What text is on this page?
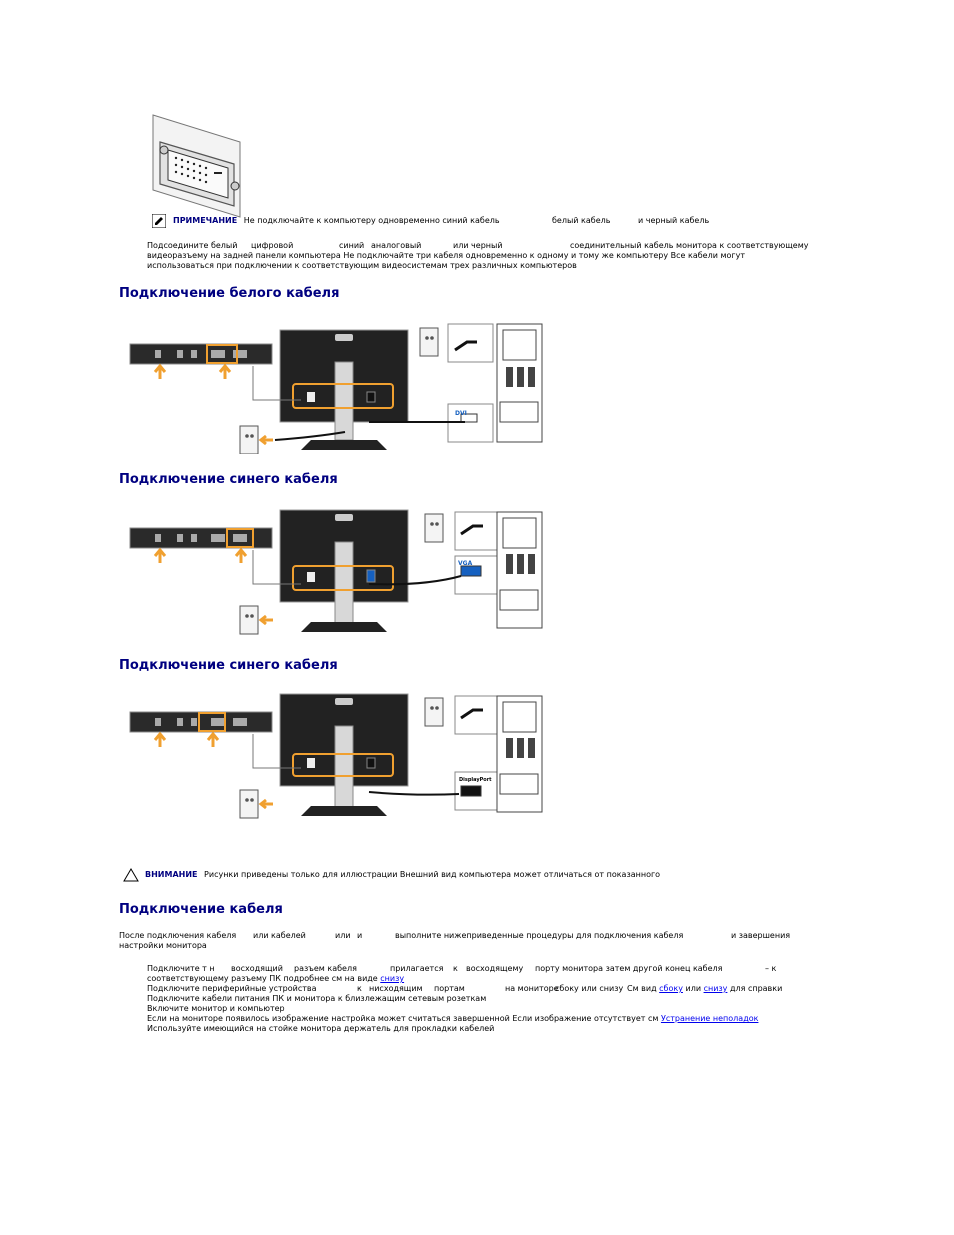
ПРИМЕЧАНИЕ Не подключайте к компьютеру одновременно синий кабель	белый кабель	и черный кабель
Подсоедините белый цифровой	синий аналоговый	или черный	соединительный кабель монитора к соответствующему
видеоразъему на задней панели компьютера Не подключайте три кабеля одновременно к одному и тому же компьютеру Все кабели могут
использоваться при подключении к соответствующим видеосистемам трех различных компьютеров
Подключение белого кабеля
Подключение синего кабеля
Подключение синего кабеля
DVI
VGA
DisplayPort
ВНИМАНИЕ Рисунки приведены только для иллюстрации Внешний вид компьютера может отличаться от показанного
Подключение кабеля
После подключения кабеля или кабелей	или и	выполните нижеприведенные процедуры для подключения кабеля	и завершения
настройки монитора
Подключите т н восходящий разъем кабеля	прилагается к восходящему порту монитора затем другой конец кабеля	– к
соответствующему разъему ПК подробнее см на виде снизу
Подключите периферийные устройства	к нисходящим портам	на мониторе
сбоку или снизу См вид сбоку или снизу для справки
Подключите кабели питания ПК и монитора к близлежащим сетевым розеткам
Включите монитор и компьютер
Если на мониторе появилось изображение настройка может считаться завершенной Если изображение отсутствует см Устранение неполадок
Используйте имеющийся на стойке монитора держатель для прокладки кабелей
